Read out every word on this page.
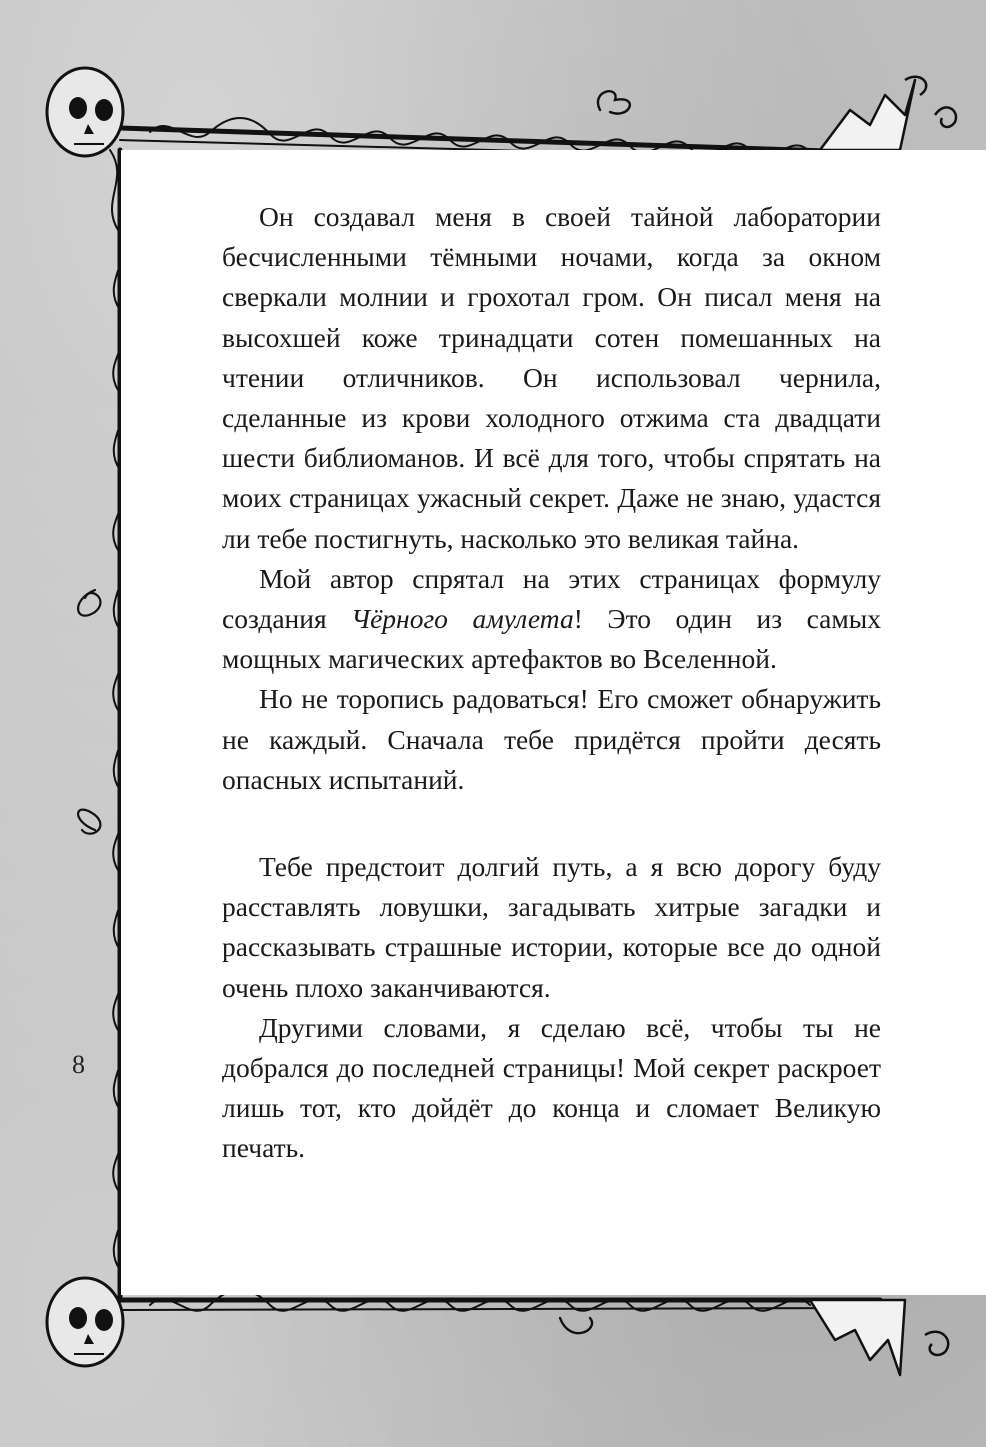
Он создавал меня в своей тайной лаборатории бесчисленными тёмными ночами, когда за окном сверкали молнии и грохотал гром. Он писал меня на высохшей коже тринадцати сотен помешанных на чтении отличников. Он использовал чернила, сделанные из крови холодного отжима ста двадцати шести библиоманов. И всё для того, чтобы спрятать на моих страницах ужасный секрет. Даже не знаю, удастся ли тебе постигнуть, насколько это великая тайна.

Мой автор спрятал на этих страницах формулу создания Чёрного амулета! Это один из самых мощных магических артефактов во Вселенной.

Но не торопись радоваться! Его сможет обнаружить не каждый. Сначала тебе придётся пройти десять опасных испытаний.

Тебе предстоит долгий путь, а я всю дорогу буду расставлять ловушки, загадывать хитрые загадки и рассказывать страшные истории, которые все до одной очень плохо заканчиваются.

Другими словами, я сделаю всё, чтобы ты не добрался до последней страницы! Мой секрет раскроет лишь тот, кто дойдёт до конца и сломает Великую печать.

8
